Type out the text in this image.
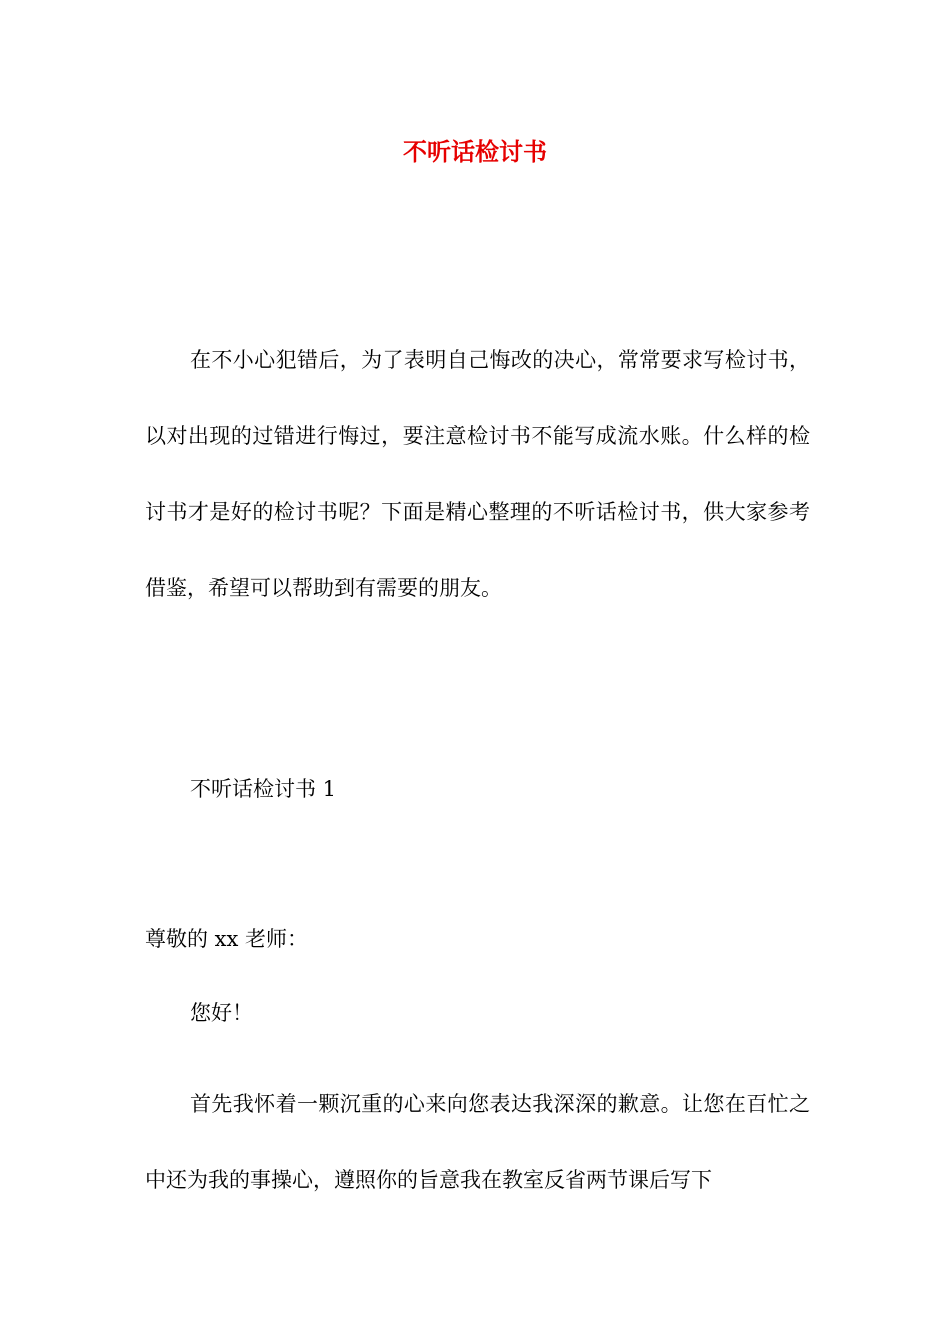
不听话检讨书

在不小心犯错后，为了表明自己悔改的决心，常常要求写检讨书，以对出现的过错进行悔过，要注意检讨书不能写成流水账。什么样的检讨书才是好的检讨书呢？下面是精心整理的不听话检讨书，供大家参考借鉴，希望可以帮助到有需要的朋友。

不听话检讨书 1

尊敬的 xx 老师：

您好！

首先我怀着一颗沉重的心来向您表达我深深的歉意。让您在百忙之中还为我的事操心，遵照你的旨意我在教室反省两节课后写下
